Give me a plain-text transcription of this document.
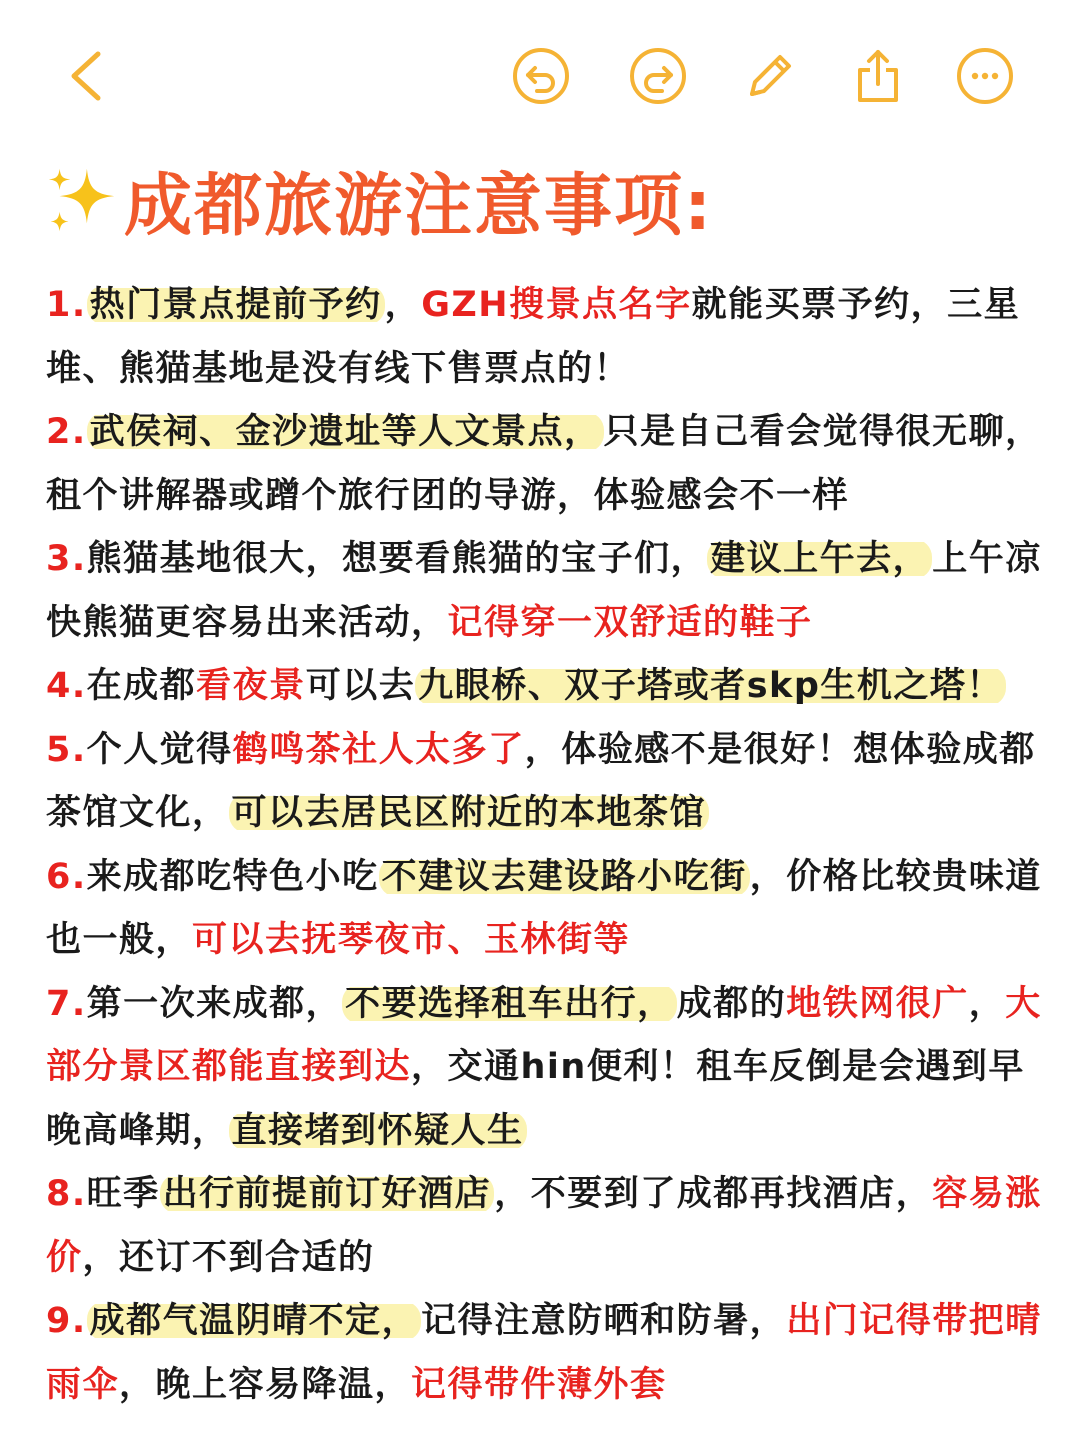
成都旅游注意事项:

1.热门景点提前予约，GZH搜景点名字就能买票予约，三星堆、熊猫基地是没有线下售票点的！

2.武侯祠、金沙遗址等人文景点，只是自己看会觉得很无聊，租个讲解器或蹭个旅行团的导游，体验感会不一样

3.熊猫基地很大，想要看熊猫的宝子们，建议上午去，上午凉快熊猫更容易出来活动，记得穿一双舒适的鞋子

4.在成都看夜景可以去九眼桥、双子塔或者skp生机之塔！

5.个人觉得鹤鸣茶社人太多了，体验感不是很好！想体验成都茶馆文化，可以去居民区附近的本地茶馆

6.来成都吃特色小吃不建议去建设路小吃街，价格比较贵味道也一般，可以去抚琴夜市、玉林街等

7.第一次来成都，不要选择租车出行，成都的地铁网很广，大部分景区都能直接到达，交通hin便利！租车反倒是会遇到早晚高峰期，直接堵到怀疑人生

8.旺季出行前提前订好酒店，不要到了成都再找酒店，容易涨价，还订不到合适的

9.成都气温阴晴不定，记得注意防晒和防暑，出门记得带把晴雨伞，晚上容易降温，记得带件薄外套
